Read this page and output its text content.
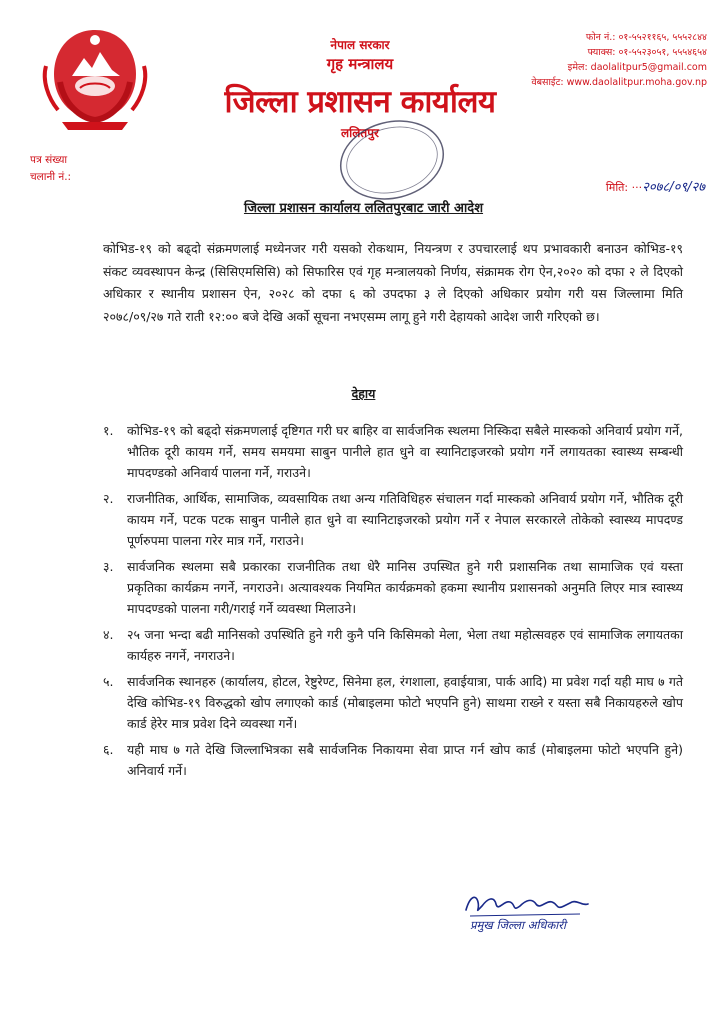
नेपाल सरकार
गृह मन्त्रालय
जिल्ला प्रशासन कार्यालय
ललितपुर
फोन नं.: ०१-५५२११६५, ५५५२८४४
फ्याक्स: ०१-५५२३०५१, ५५५४६५४
इमेल: daolalitpur5@gmail.com
वेबसाईट: www.daolalitpur.moha.gov.np
पत्र संख्या
चलानी नं.:
मिति: ···२०७८/०९/२७
जिल्ला प्रशासन कार्यालय ललितपुरबाट जारी आदेश
कोभिड-१९ को बढ्दो संक्रमणलाई मध्येनजर गरी यसको रोकथाम, नियन्त्रण र उपचारलाई थप प्रभावकारी बनाउन कोभिड-१९ संकट व्यवस्थापन केन्द्र (सिसिएमसिसि) को सिफारिस एवं गृह मन्त्रालयको निर्णय, संक्रामक रोग ऐन,२०२० को दफा २ ले दिएको अधिकार र स्थानीय प्रशासन ऐन, २०२८ को दफा ६ को उपदफा ३ ले दिएको अधिकार प्रयोग गरी यस जिल्लामा मिति २०७८/०९/२७ गते राती १२:०० बजे देखि अर्को सूचना नभएसम्म लागू हुने गरी देहायको आदेश जारी गरिएको छ।
देहाय
१.	कोभिड-१९ को बढ्दो संक्रमणलाई दृष्टिगत गरी घर बाहिर वा सार्वजनिक स्थलमा निस्किदा सबैले मास्कको अनिवार्य प्रयोग गर्ने, भौतिक दूरी कायम गर्ने, समय समयमा साबुन पानीले हात धुने वा स्यानिटाइजरको प्रयोग गर्ने लगायतका स्वास्थ्य सम्बन्धी मापदण्डको अनिवार्य पालना गर्ने, गराउने।
२.	राजनीतिक, आर्थिक, सामाजिक, व्यवसायिक तथा अन्य गतिविधिहरु संचालन गर्दा मास्कको अनिवार्य प्रयोग गर्ने, भौतिक दूरी कायम गर्ने, पटक पटक साबुन पानीले हात धुने वा स्यानिटाइजरको प्रयोग गर्ने र नेपाल सरकारले तोकेको स्वास्थ्य मापदण्ड पूर्णरुपमा पालना गरेर मात्र गर्ने, गराउने।
३.	सार्वजनिक स्थलमा सबै प्रकारका राजनीतिक तथा धेरै मानिस उपस्थित हुने गरी प्रशासनिक तथा सामाजिक एवं यस्ता प्रकृतिका कार्यक्रम नगर्ने, नगराउने। अत्यावश्यक नियमित कार्यक्रमको हकमा स्थानीय प्रशासनको अनुमति लिएर मात्र स्वास्थ्य मापदण्डको पालना गरी/गराई गर्ने व्यवस्था मिलाउने।
४.	२५ जना भन्दा बढी मानिसको उपस्थिति हुने गरी कुनै पनि किसिमको मेला, भेला तथा महोत्सवहरु एवं सामाजिक लगायतका कार्यहरु नगर्ने, नगराउने।
५.	सार्वजनिक स्थानहरु (कार्यालय, होटल, रेष्टुरेण्ट, सिनेमा हल, रंगशाला, हवाईयात्रा, पार्क आदि) मा प्रवेश गर्दा यही माघ ७ गते देखि कोभिड-१९ विरुद्धको खोप लगाएको कार्ड (मोबाइलमा फोटो भएपनि हुने) साथमा राख्ने र यस्ता सबै निकायहरुले खोप कार्ड हेरेर मात्र प्रवेश दिने व्यवस्था गर्ने।
६.	यही माघ ७ गते देखि जिल्लाभित्रका सबै सार्वजनिक निकायमा सेवा प्राप्त गर्न खोप कार्ड (मोबाइलमा फोटो भएपनि हुने) अनिवार्य गर्ने।
प्रमुख जिल्ला अधिकारी
